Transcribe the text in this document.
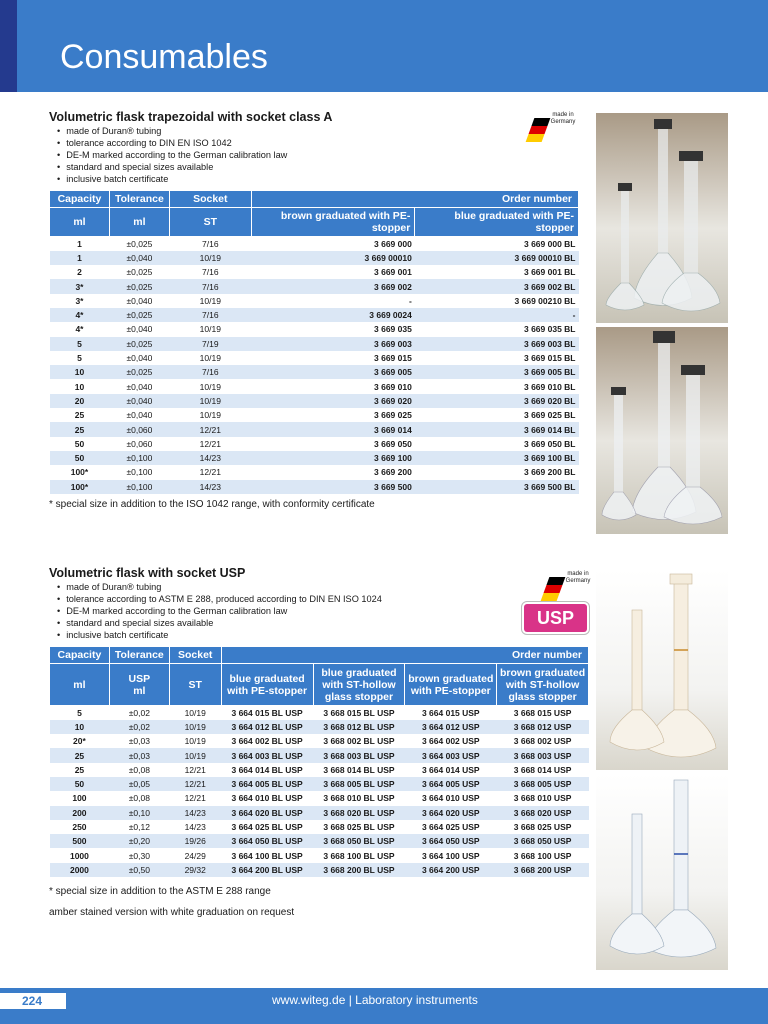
Consumables
Volumetric flask trapezoidal with socket class A
• made of Duran® tubing
• tolerance according to DIN EN ISO 1042
• DE-M marked according to the German calibration law
• standard and special sizes available
• inclusive batch certificate
made in Germany
Capacity	Tolerance	Socket	Order number	
ml	ml	ST	brown graduated with PE-stopper	blue graduated with PE-stopper
1	±0,025	7/16	3 669 000	3 669 000 BL
1	±0,040	10/19	3 669 00010	3 669 00010 BL
2	±0,025	7/16	3 669 001	3 669 001 BL
3*	±0,025	7/16	3 669 002	3 669 002 BL
3*	±0,040	10/19	-	3 669 00210 BL
4*	±0,025	7/16	3 669 0024	-
4*	±0,040	10/19	3 669 035	3 669 035 BL
5	±0,025	7/19	3 669 003	3 669 003 BL
5	±0,040	10/19	3 669 015	3 669 015 BL
10	±0,025	7/16	3 669 005	3 669 005 BL
10	±0,040	10/19	3 669 010	3 669 010 BL
20	±0,040	10/19	3 669 020	3 669 020 BL
25	±0,040	10/19	3 669 025	3 669 025 BL
25	±0,060	12/21	3 669 014	3 669 014 BL
50	±0,060	12/21	3 669 050	3 669 050 BL
50	±0,100	14/23	3 669 100	3 669 100 BL
100*	±0,100	12/21	3 669 200	3 669 200 BL
100*	±0,100	14/23	3 669 500	3 669 500 BL
* special size in addition to the ISO 1042 range, with conformity certificate
Volumetric flask with socket USP
• made of Duran® tubing
• tolerance according to ASTM E 288, produced according to DIN EN ISO 1024
• DE-M marked according to the German calibration law
• standard and special sizes available
• inclusive batch certificate
made in Germany
USP
Capacity	Tolerance	Socket	Order number			
ml	USP ml	ST	blue graduated with PE-stopper	blue graduated with ST-hollow glass stopper	brown graduated with PE-stopper	brown graduated with ST-hollow glass stopper
5	±0,02	10/19	3 664 015 BL USP	3 668 015 BL USP	3 664 015 USP	3 668 015 USP
10	±0,02	10/19	3 664 012 BL USP	3 668 012 BL USP	3 664 012 USP	3 668 012 USP
20*	±0,03	10/19	3 664 002 BL USP	3 668 002 BL USP	3 664 002 USP	3 668 002 USP
25	±0,03	10/19	3 664 003 BL USP	3 668 003 BL USP	3 664 003 USP	3 668 003 USP
25	±0,08	12/21	3 664 014 BL USP	3 668 014 BL USP	3 664 014 USP	3 668 014 USP
50	±0,05	12/21	3 664 005 BL USP	3 668 005 BL USP	3 664 005 USP	3 668 005 USP
100	±0,08	12/21	3 664 010 BL USP	3 668 010 BL USP	3 664 010 USP	3 668 010 USP
200	±0,10	14/23	3 664 020 BL USP	3 668 020 BL USP	3 664 020 USP	3 668 020 USP
250	±0,12	14/23	3 664 025 BL USP	3 668 025 BL USP	3 664 025 USP	3 668 025 USP
500	±0,20	19/26	3 664 050 BL USP	3 668 050 BL USP	3 664 050 USP	3 668 050 USP
1000	±0,30	24/29	3 664 100 BL USP	3 668 100 BL USP	3 664 100 USP	3 668 100 USP
2000	±0,50	29/32	3 664 200 BL USP	3 668 200 BL USP	3 664 200 USP	3 668 200 USP
* special size in addition to the ASTM E 288 range
amber stained version with white graduation on request
224	www.witeg.de | Laboratory instruments
